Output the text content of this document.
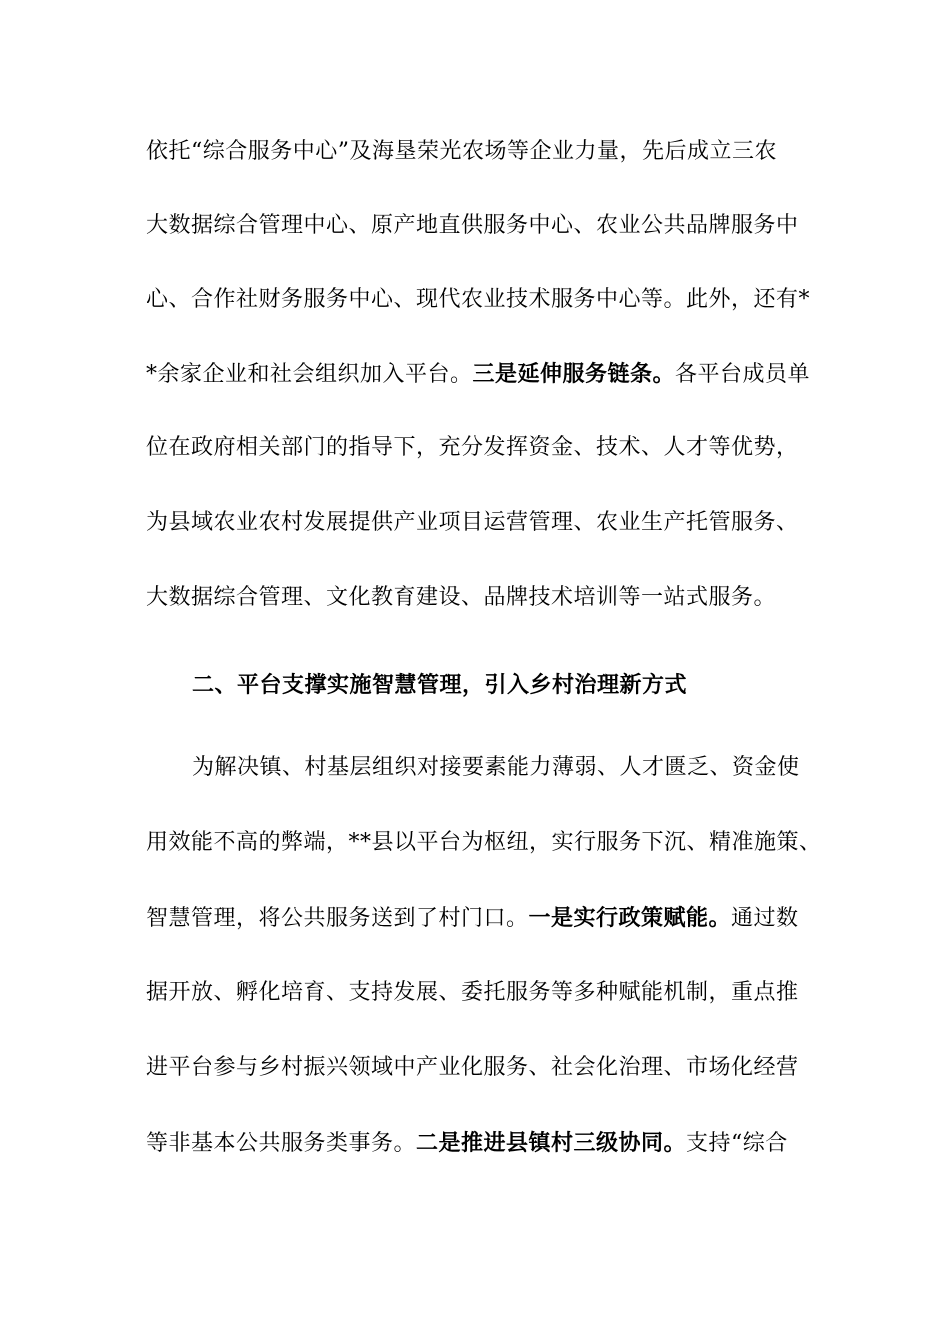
依托“综合服务中心”及海垦荣光农场等企业力量，先后成立三农
大数据综合管理中心、原产地直供服务中心、农业公共品牌服务中
心、合作社财务服务中心、现代农业技术服务中心等。此外，还有*
*余家企业和社会组织加入平台。三是延伸服务链条。各平台成员单
位在政府相关部门的指导下，充分发挥资金、技术、人才等优势，
为县域农业农村发展提供产业项目运营管理、农业生产托管服务、
大数据综合管理、文化教育建设、品牌技术培训等一站式服务。
二、平台支撑实施智慧管理，引入乡村治理新方式
为解决镇、村基层组织对接要素能力薄弱、人才匮乏、资金使
用效能不高的弊端，**县以平台为枢纽，实行服务下沉、精准施策、
智慧管理，将公共服务送到了村门口。一是实行政策赋能。通过数
据开放、孵化培育、支持发展、委托服务等多种赋能机制，重点推
进平台参与乡村振兴领域中产业化服务、社会化治理、市场化经营
等非基本公共服务类事务。二是推进县镇村三级协同。支持“综合
